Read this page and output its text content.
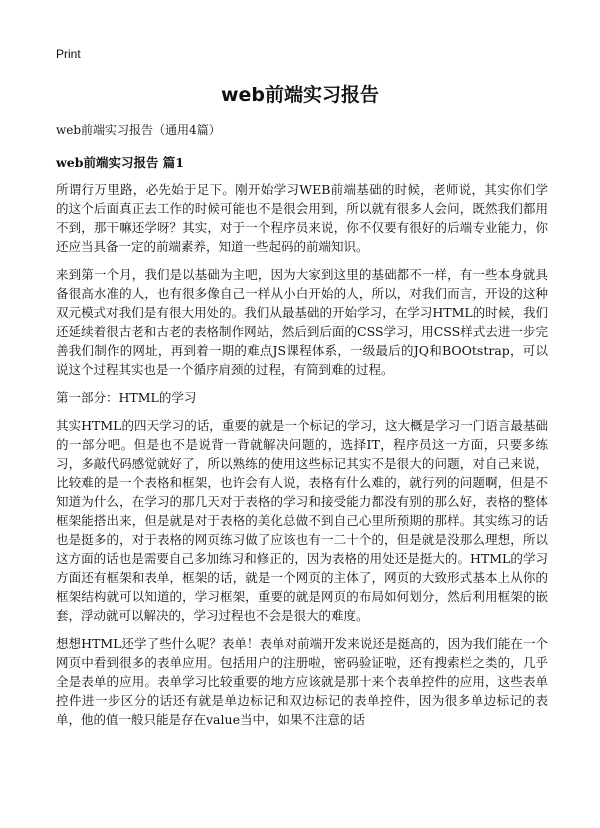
Print
web前端实习报告
web前端实习报告（通用4篇）
web前端实习报告 篇1

所谓行万里路，必先始于足下。刚开始学习WEB前端基础的时候，老师说，其实你们学的这个后面真正去工作的时候可能也不是很会用到，所以就有很多人会问，既然我们都用不到，那干嘛还学呀？其实，对于一个程序员来说，你不仅要有很好的后端专业能力，你还应当具备一定的前端素养，知道一些起码的前端知识。

来到第一个月，我们是以基础为主吧，因为大家到这里的基础都不一样，有一些本身就具备很高水准的人，也有很多像自己一样从小白开始的人，所以，对我们而言，开设的这种双元模式对我们是有很大用处的。我们从最基础的开始学习，在学习HTML的时候，我们还延续着很古老和古老的表格制作网站，然后到后面的CSS学习，用CSS样式去进一步完善我们制作的网址，再到着一期的难点JS课程体系，一级最后的JQ和BOOtstrap，可以说这个过程其实也是一个循序肩颈的过程，有简到难的过程。

第一部分：HTML的学习

其实HTML的四天学习的话，重要的就是一个标记的学习，这大概是学习一门语言最基础的一部分吧。但是也不是说背一背就解决问题的，选择IT，程序员这一方面，只要多练习，多敲代码感觉就好了，所以熟练的使用这些标记其实不是很大的问题，对自己来说，比较难的是一个表格和框架，也许会有人说，表格有什么难的，就行列的问题啊，但是不知道为什么，在学习的那几天对于表格的学习和接受能力都没有别的那么好，表格的整体框架能搭出来，但是就是对于表格的美化总做不到自己心里所预期的那样。其实练习的话也是挺多的，对于表格的网页练习做了应该也有一二十个的，但是就是没那么理想，所以这方面的话也是需要自己多加练习和修正的，因为表格的用处还是挺大的。HTML的学习方面还有框架和表单，框架的话，就是一个网页的主体了，网页的大致形式基本上从你的框架结构就可以知道的，学习框架，重要的就是网页的布局如何划分，然后利用框架的嵌套，浮动就可以解决的，学习过程也不会是很大的难度。

想想HTML还学了些什么呢？表单！表单对前端开发来说还是挺高的，因为我们能在一个网页中看到很多的表单应用。包括用户的注册啦，密码验证啦，还有搜索栏之类的，几乎全是表单的应用。表单学习比较重要的地方应该就是那十来个表单控件的应用，这些表单控件进一步区分的话还有就是单边标记和双边标记的表单控件，因为很多单边标记的表单，他的值一般只能是存在value当中，如果不注意的话
